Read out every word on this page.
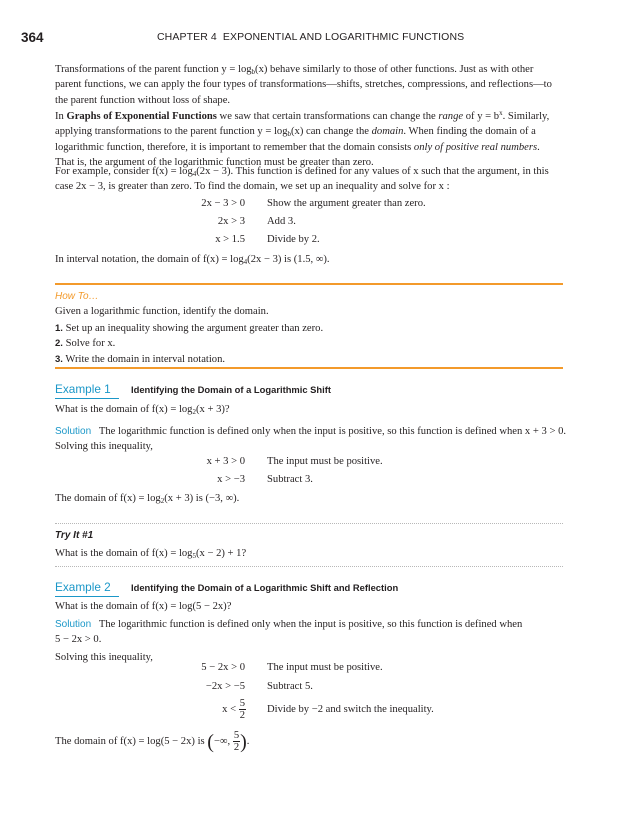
364	CHAPTER 4 EXPONENTIAL AND LOGARITHMIC FUNCTIONS
Transformations of the parent function $y = \log_b(x)$ behave similarly to those of other functions. Just as with other
parent functions, we can apply the four types of transformations—shifts, stretches, compressions, and reflections—to
the parent function without loss of shape.
In Graphs of Exponential Functions we saw that certain transformations can change the range of $y = b^x$. Similarly,
applying transformations to the parent function $y = \log_b(x)$ can change the domain. When finding the domain of a
logarithmic function, therefore, it is important to remember that the domain consists only of positive real numbers.
That is, the argument of the logarithmic function must be greater than zero.
For example, consider $f(x) = \log_4(2x - 3)$. This function is defined for any values of x such that the argument, in this
case 2x − 3, is greater than zero. To find the domain, we set up an inequality and solve for x :
2x − 3 > 0 Show the argument greater than zero.
2x > 3 Add 3.
x > 1.5 Divide by 2.
In interval notation, the domain of $f(x) = \log_4(2x - 3)$ is (1.5, ∞).
How To…
Given a logarithmic function, identify the domain.
1. Set up an inequality showing the argument greater than zero.
2. Solve for x.
3. Write the domain in interval notation.
Example 1 Identifying the Domain of a Logarithmic Shift
What is the domain of $f(x) = \log_2(x + 3)$?
Solution The logarithmic function is defined only when the input is positive, so this function is defined when x + 3 > 0.
Solving this inequality,
x + 3 > 0 The input must be positive.
x > −3 Subtract 3.
The domain of $f(x) = \log_2(x + 3)$ is (−3, ∞).
Try It #1
What is the domain of $f(x) = \log_5(x - 2) + 1$?
Example 2 Identifying the Domain of a Logarithmic Shift and Reflection
What is the domain of f(x) = log(5 − 2x)?
Solution The logarithmic function is defined only when the input is positive, so this function is defined when
5 − 2x > 0.
Solving this inequality,
5 − 2x > 0 The input must be positive.
−2x > −5 Subtract 5.
$x < \frac{5}{2}$ Divide by −2 and switch the inequality.
The domain of f(x) = log(5 − 2x) is (−∞, $\frac{5}{2}$ ).
